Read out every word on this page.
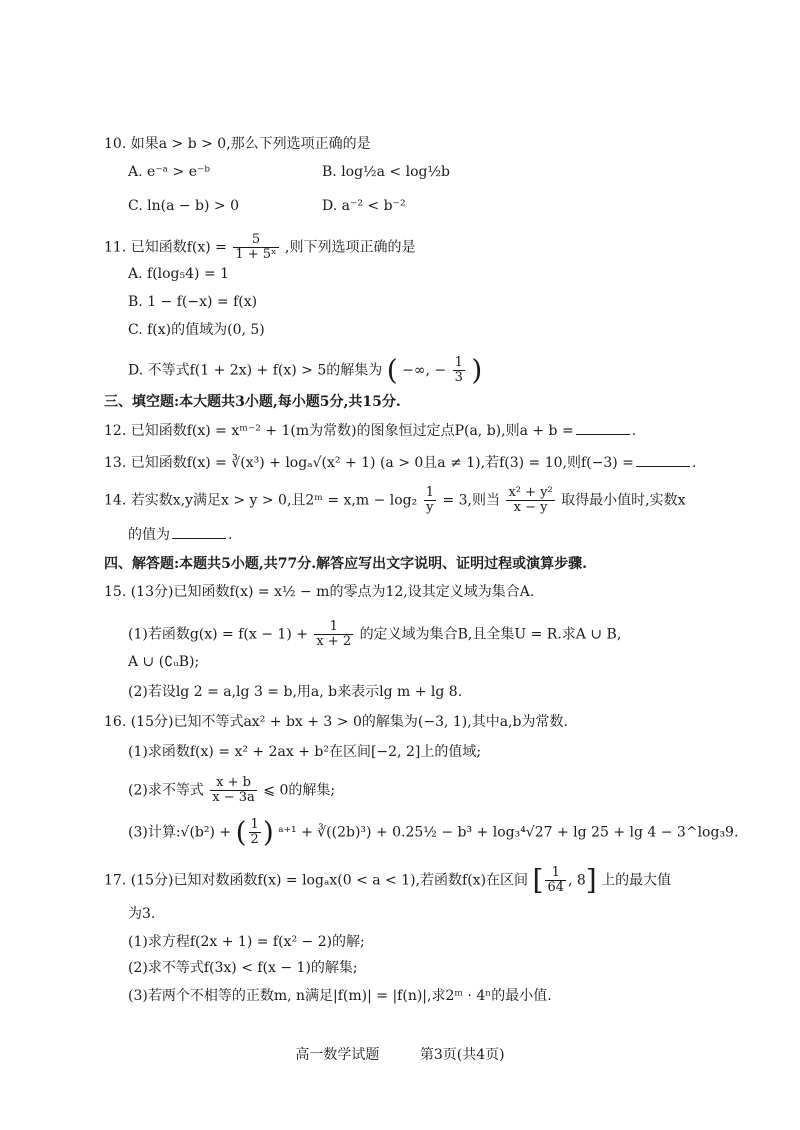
10. 如果a > b > 0,那么下列选项正确的是
A. e⁻ᵃ > e⁻ᵇ	B. log½a < log½b
C. ln(a − b) > 0	D. a⁻² < b⁻²
11. 已知函数$f(x) = \frac{5}{\text{1 + 5ˣ}}$ ,则下列选项正确的是
A. f(log₅4) = 1
B. 1 − f(−x) = f(x)
C. f(x)的值域为(0, 5)
D. 不等式f(1 + 2x) + f(x) > 5的解集为 ( −∞, − $\frac{1}{3}$ )
三、填空题:本大题共3小题,每小题5分,共15分.
12. 已知函数f(x) = xᵐ⁻² + 1(m为常数)的图象恒过定点P(a, b),则a + b =	.
13. 已知函数f(x) = ∛(x³) + logₐ√(x² + 1) (a > 0且a ≠ 1),若f(3) = 10,则f(−3) =	.
14. 若实数x,y满足x > y > 0,且2ᵐ = $x,m - \log_2 \frac{1}{y} = 3$,则当 $\frac{\text{x² + y²}}{x - y}$ 取得最小值时,实数x
的值为	.
四、解答题:本题共5小题,共77分.解答应写出文字说明、证明过程或演算步骤.
15. (13分)已知函数f(x) = x½ − m的零点为12,设其定义域为集合A.
(1)若函数$g(x) = f(x - 1) + \frac{1}{x + 2}$ 的定义域为集合B,且全集U = R.求A ∪ B,
A ∪ (∁ᵤB);
(2)若设lg 2 = a,lg 3 = b,用a, b来表示lg m + lg 8.
16. (15分)已知不等式ax² + bx + 3 > 0的解集为(−3, 1),其中a,b为常数.
(1)求函数f(x) = x² + 2ax + b²在区间[−2, 2]上的值域;
(2)求不等式 $\frac{x + b}{x - 3a}$ ⩽ 0的解集;
(3)计算:√(b²) + ( $\frac{1}{2}$ ) ᵃ⁺¹ + ∛((2b)³) + 0.25½ − b³ + log₃⁴√27 + lg 25 + lg 4 − 3^log₃9.
17. (15分)已知对数函数f(x) = logₐx(0 < a < 1),若函数f(x)在区间 [ $\frac{1}{64}$ , 8] 上的最大值
为3.
(1)求方程f(2x + 1) = f(x² − 2)的解;
(2)求不等式f(3x) < f(x − 1)的解集;
(3)若两个不相等的正数m, n满足|f(m)| = |f(n)|,求2ᵐ · 4ⁿ的最小值.
高一数学试题	第3页(共4页)
